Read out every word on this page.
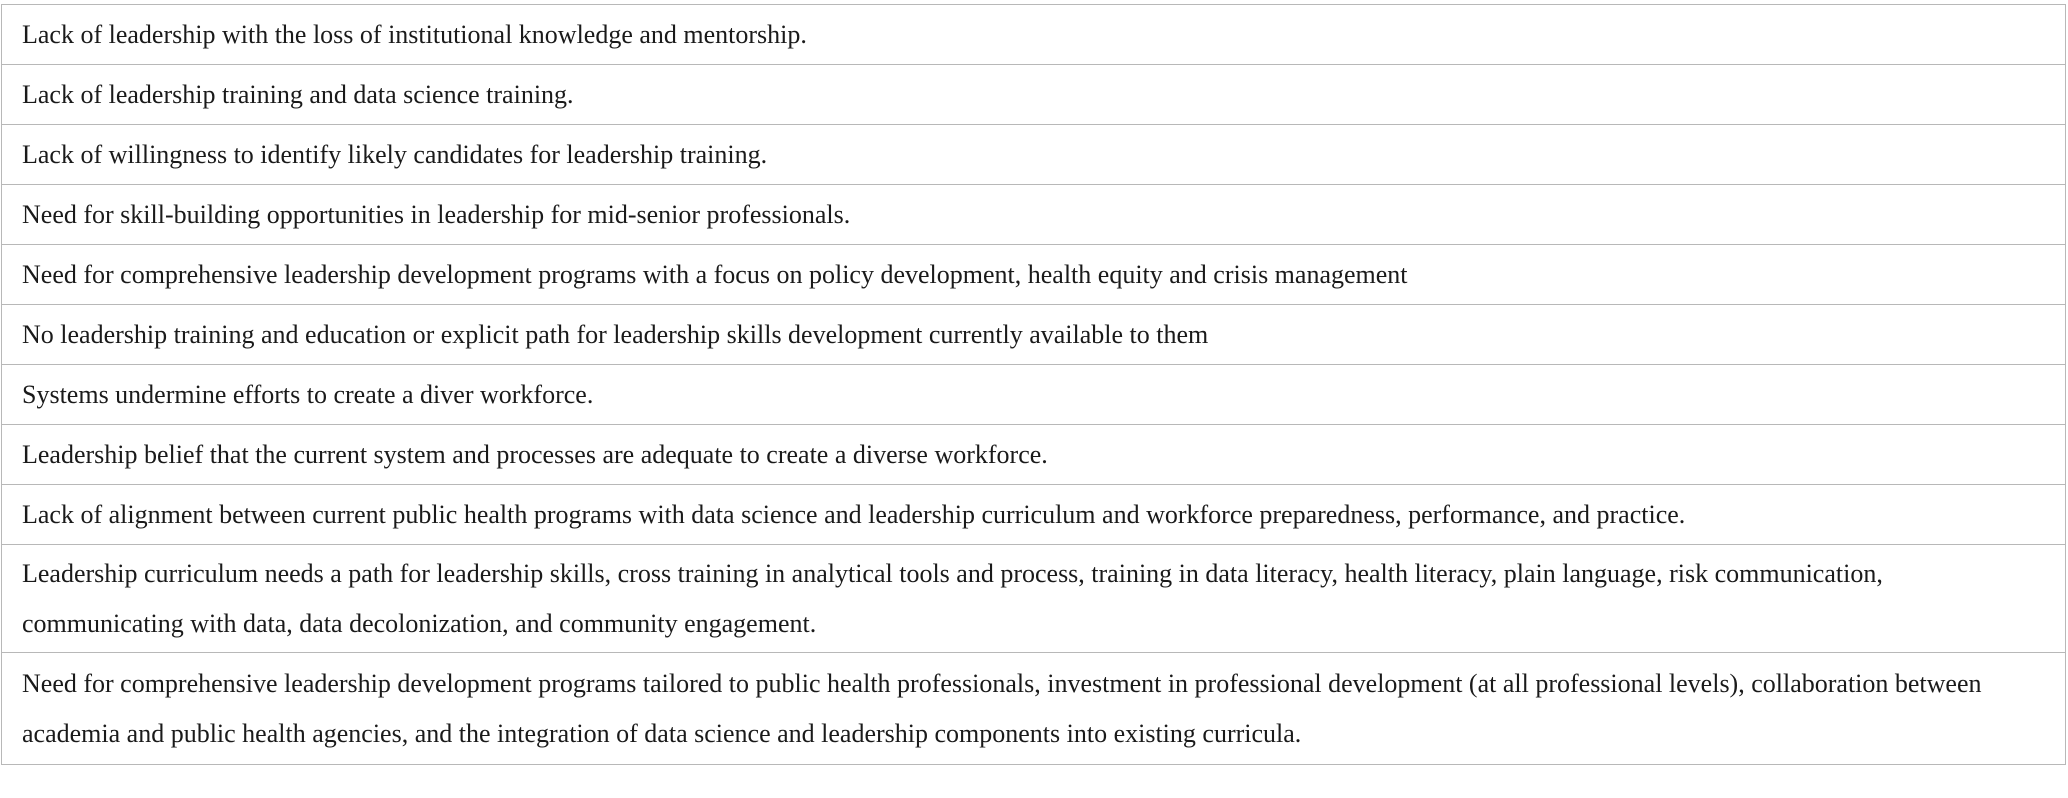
Lack of leadership with the loss of institutional knowledge and mentorship.
Lack of leadership training and data science training.
Lack of willingness to identify likely candidates for leadership training.
Need for skill-building opportunities in leadership for mid-senior professionals.
Need for comprehensive leadership development programs with a focus on policy development, health equity and crisis management
No leadership training and education or explicit path for leadership skills development currently available to them
Systems undermine efforts to create a diver workforce.
Leadership belief that the current system and processes are adequate to create a diverse workforce.
Lack of alignment between current public health programs with data science and leadership curriculum and workforce preparedness, performance, and practice.
Leadership curriculum needs a path for leadership skills, cross training in analytical tools and process, training in data literacy, health literacy, plain language, risk communication, communicating with data, data decolonization, and community engagement.
Need for comprehensive leadership development programs tailored to public health professionals, investment in professional development (at all professional levels), collaboration between academia and public health agencies, and the integration of data science and leadership components into existing curricula.
